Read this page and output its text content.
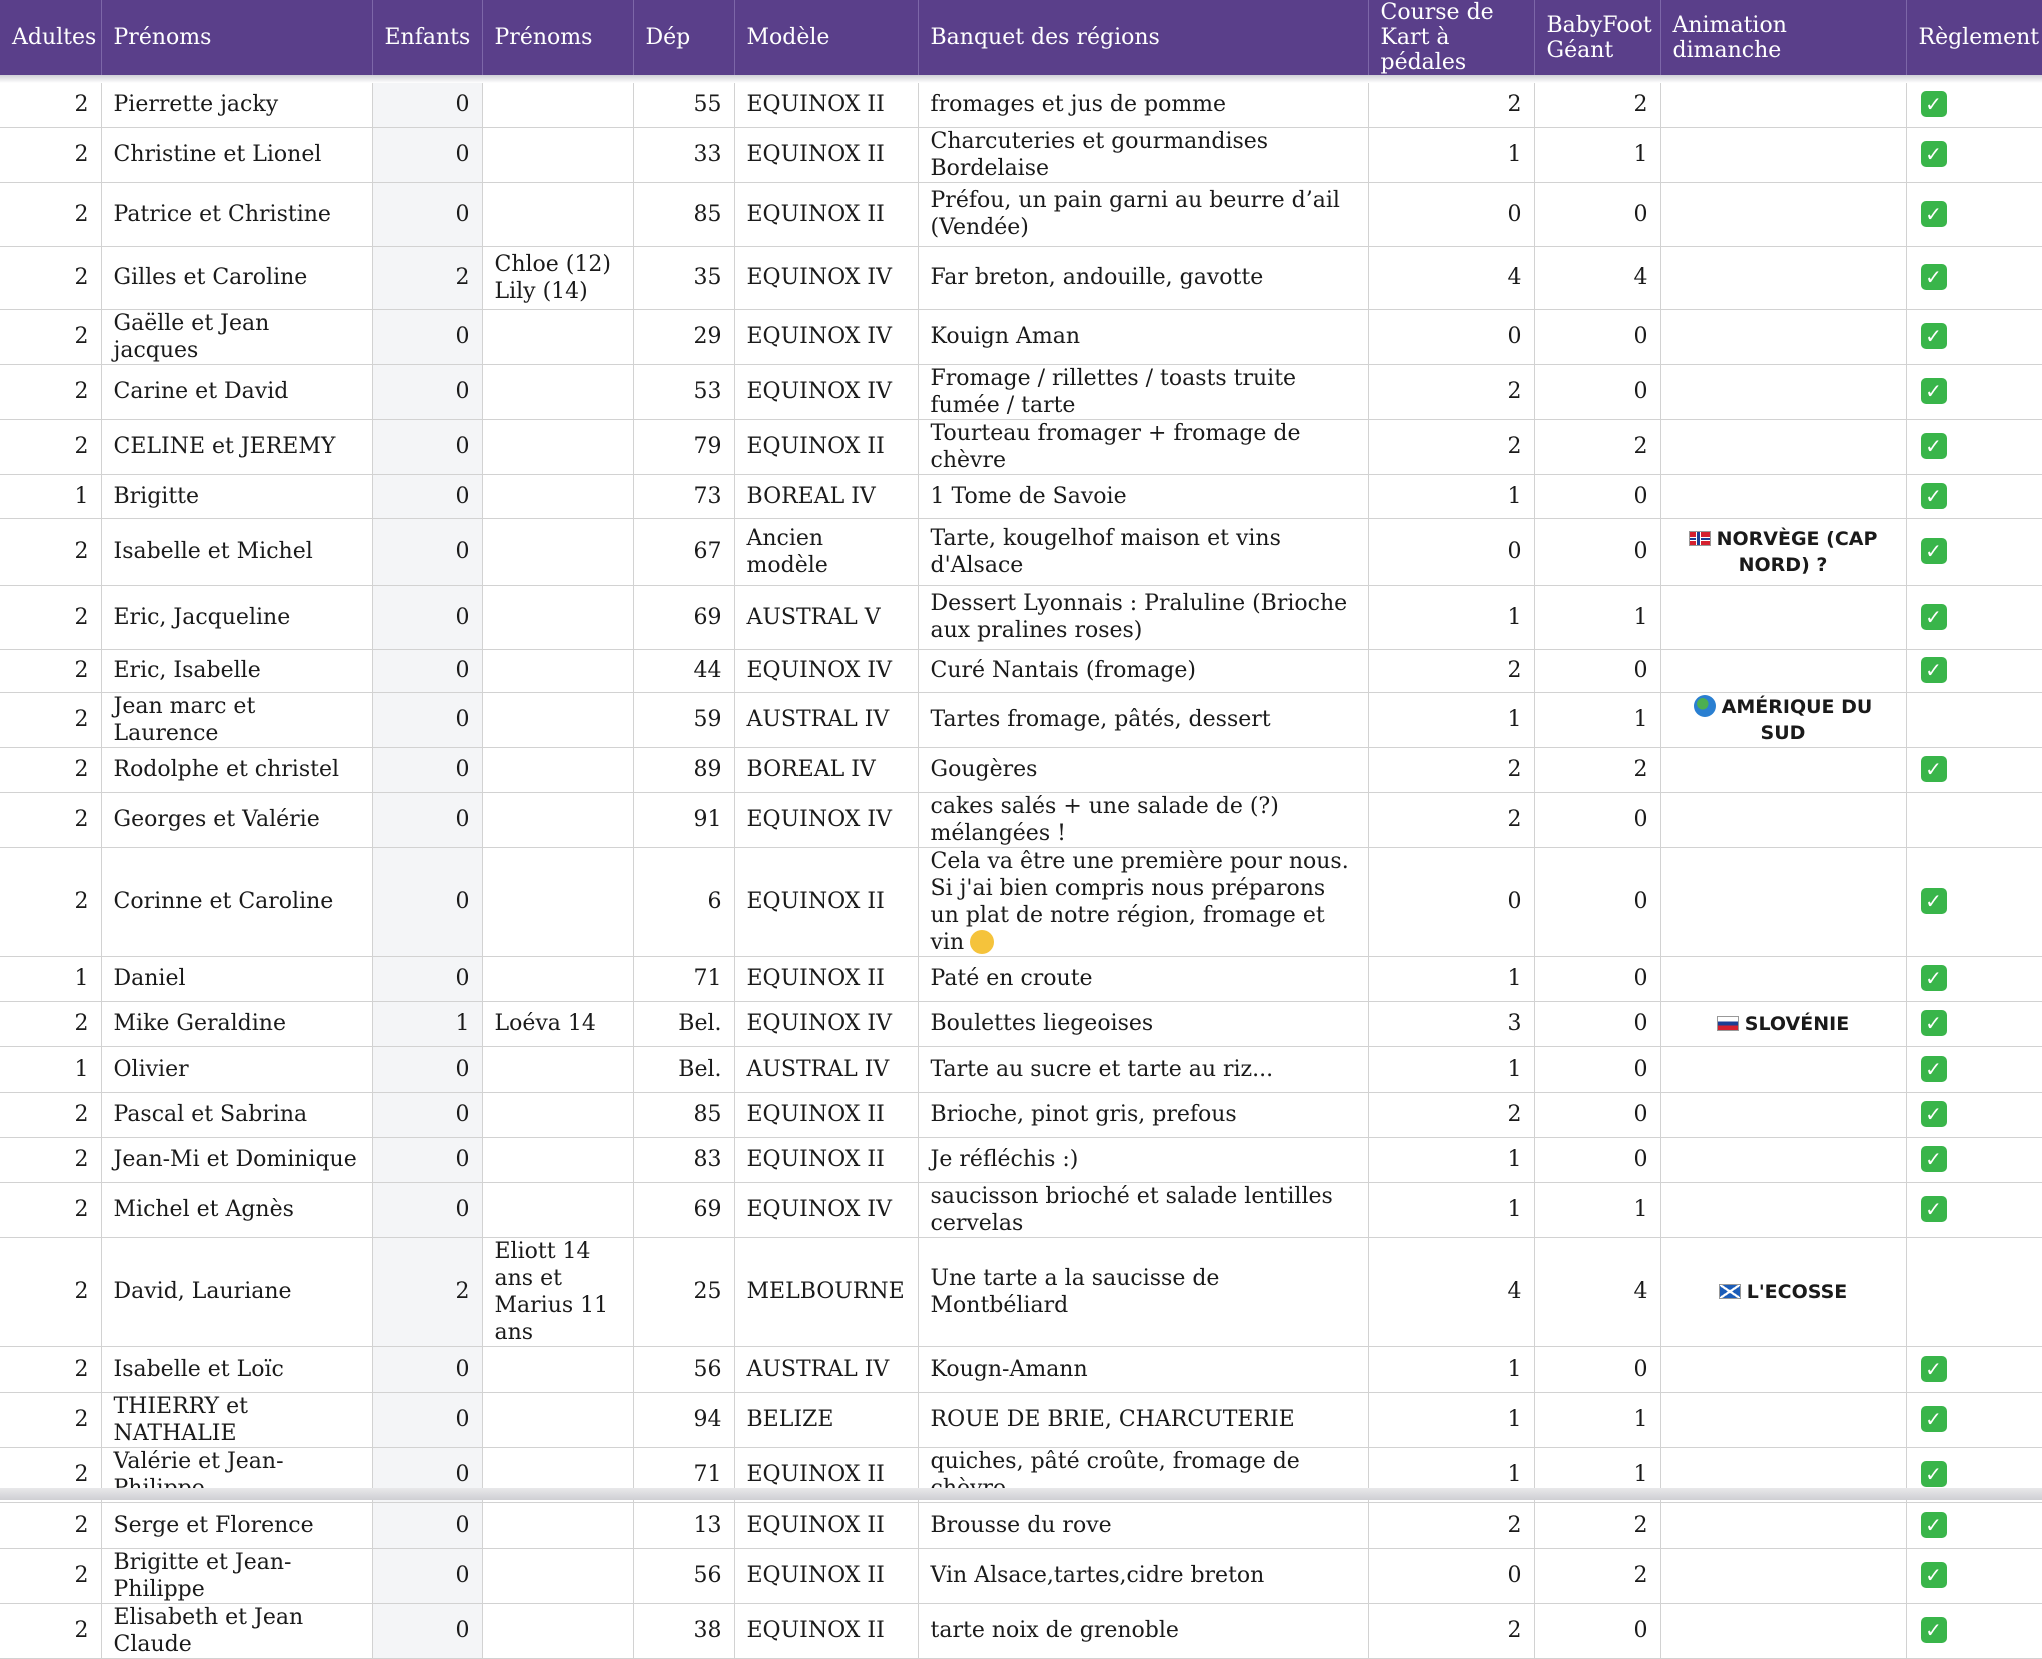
Adultes	Prénoms	Enfants	Prénoms	Dép	Modèle	Banquet des régions	Course de Kart à pédales	BabyFoot Géant	Animation dimanche	Règlement

2	Pierrette jacky	0		55	EQUINOX II	fromages et jus de pomme	2	2		✓
2	Christine et Lionel	0		33	EQUINOX II	Charcuteries et gourmandises Bordelaise	1	1		✓
2	Patrice et Christine	0		85	EQUINOX II	Préfou, un pain garni au beurre d’ail (Vendée)	0	0		✓
2	Gilles et Caroline	2	Chloe (12) Lily (14)	35	EQUINOX IV	Far breton, andouille, gavotte	4	4		✓
2	Gaëlle et Jean jacques	0		29	EQUINOX IV	Kouign Aman	0	0		✓
2	Carine et David	0		53	EQUINOX IV	Fromage / rillettes / toasts truite fumée / tarte	2	0		✓
2	CELINE et JEREMY	0		79	EQUINOX II	Tourteau fromager + fromage de chèvre	2	2		✓
1	Brigitte	0		73	BOREAL IV	1 Tome de Savoie	1	0		✓
2	Isabelle et Michel	0		67	Ancien modèle	Tarte, kougelhof maison et vins d'Alsace	0	0	NORVÈGE (CAP NORD) ?	✓
2	Eric, Jacqueline	0		69	AUSTRAL V	Dessert Lyonnais : Praluline (Brioche aux pralines roses)	1	1		✓
2	Eric, Isabelle	0		44	EQUINOX IV	Curé Nantais (fromage)	2	0		✓
2	Jean marc et Laurence	0		59	AUSTRAL IV	Tartes fromage, pâtés, dessert	1	1	AMÉRIQUE DU SUD	
2	Rodolphe et christel	0		89	BOREAL IV	Gougères	2	2		✓
2	Georges et Valérie	0		91	EQUINOX IV	cakes salés + une salade de (?) mélangées !	2	0		
2	Corinne et Caroline	0		6	EQUINOX II	Cela va être une première pour nous. Si j'ai bien compris nous préparons un plat de notre région, fromage et vin	0	0		✓
1	Daniel	0		71	EQUINOX II	Paté en croute	1	0		✓
2	Mike Geraldine	1	Loéva 14	Bel.	EQUINOX IV	Boulettes liegeoises	3	0	SLOVÉNIE	✓
1	Olivier	0		Bel.	AUSTRAL IV	Tarte au sucre et tarte au riz...	1	0		✓
2	Pascal et Sabrina	0		85	EQUINOX II	Brioche, pinot gris, prefous	2	0		✓
2	Jean-Mi et Dominique	0		83	EQUINOX II	Je réfléchis :)	1	0		✓
2	Michel et Agnès	0		69	EQUINOX IV	saucisson brioché et salade lentilles cervelas	1	1		✓
2	David, Lauriane	2	Eliott 14 ans et Marius 11 ans	25	MELBOURNE	Une tarte a la saucisse de Montbéliard	4	4	L'ECOSSE	
2	Isabelle et Loïc	0		56	AUSTRAL IV	Kougn-Amann	1	0		✓
2	THIERRY et NATHALIE	0		94	BELIZE	ROUE DE BRIE, CHARCUTERIE	1	1		✓
2	Valérie et Jean-	0		71	EQUINOX II	quiches, pâté croûte, fromage de	1	1		✓
2	Serge et Florence	0		13	EQUINOX II	Brousse du rove	2	2		✓
2	Brigitte et Jean-Philippe	0		56	EQUINOX II	Vin Alsace,tartes,cidre breton	0	2		✓
2	Elisabeth et Jean Claude	0		38	EQUINOX II	tarte noix de grenoble	2	0		✓
